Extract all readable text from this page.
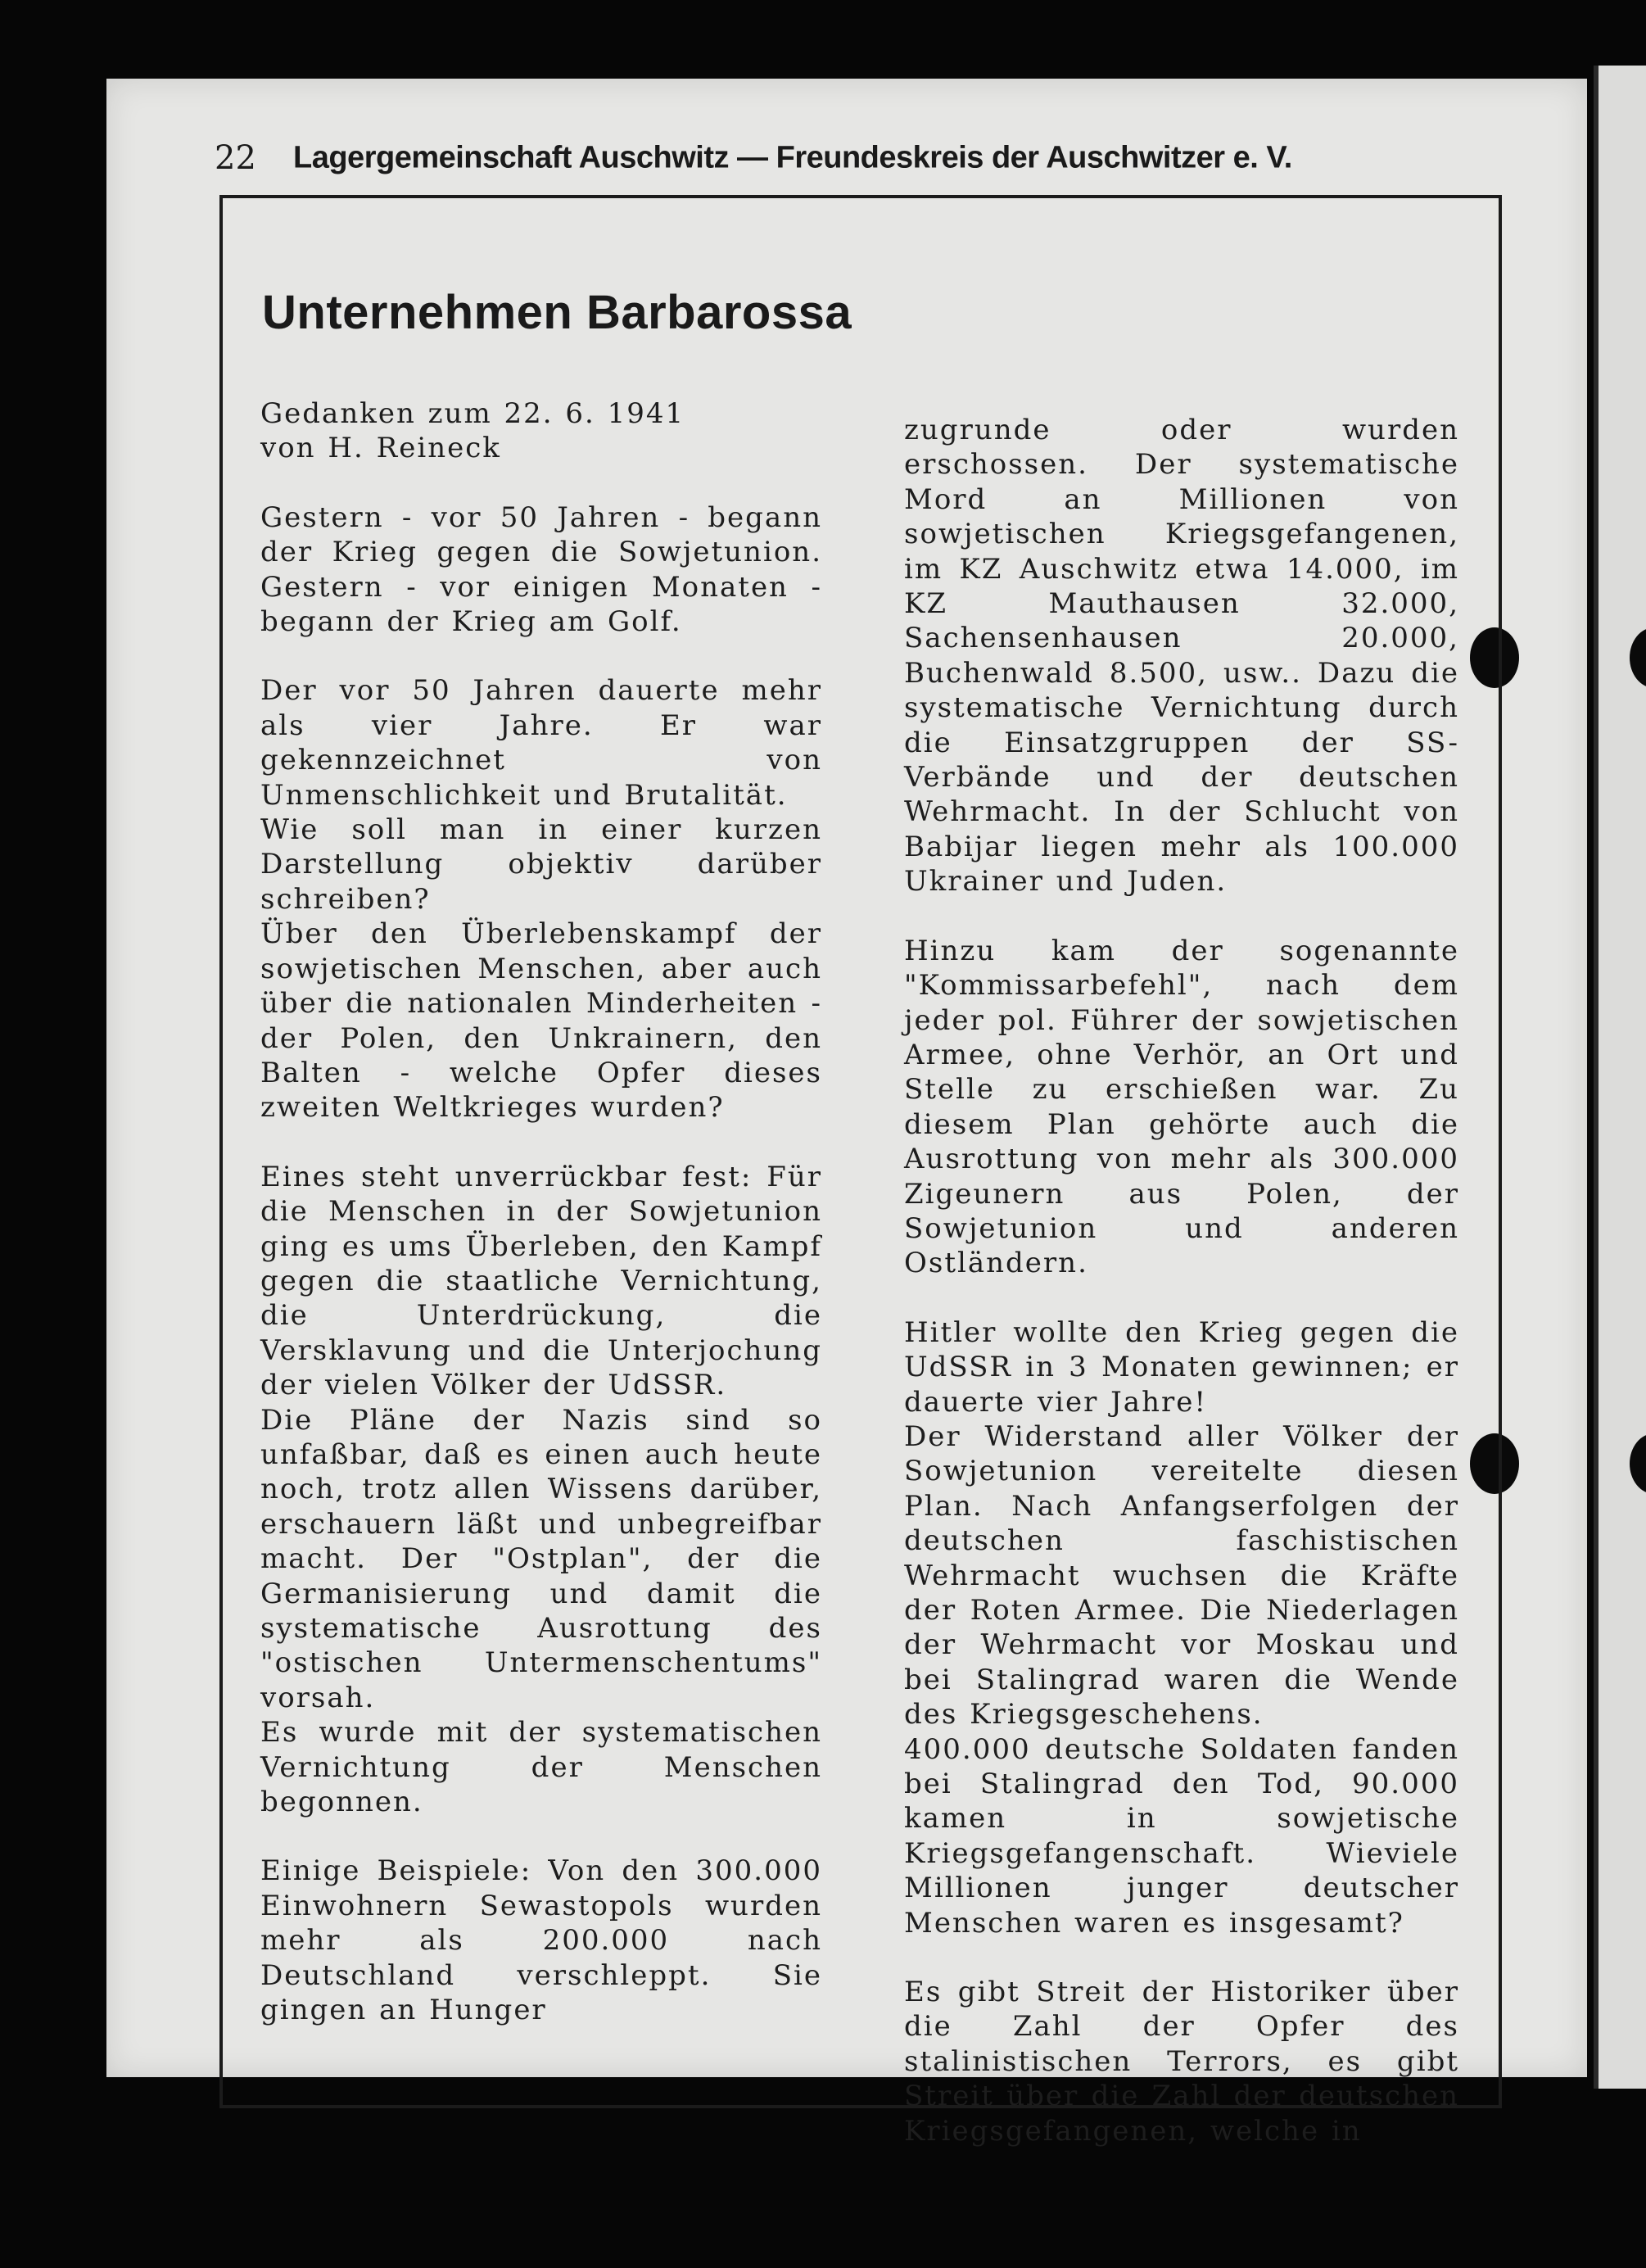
22 Lagergemeinschaft Auschwitz — Freundeskreis der Auschwitzer e. V.
Unternehmen Barbarossa

Gedanken zum 22. 6. 1941

von H. Reineck

Gestern - vor 50 Jahren - begann der Krieg gegen die Sowjetunion. Gestern - vor einigen Monaten - begann der Krieg am Golf.

Der vor 50 Jahren dauerte mehr als vier Jahre. Er war gekennzeichnet von Unmenschlichkeit und Brutalität.

Wie soll man in einer kurzen Darstellung objektiv darüber schreiben?

Über den Überlebenskampf der sowjetischen Menschen, aber auch über die nationalen Minderheiten - der Polen, den Unkrainern, den Balten - welche Opfer dieses zweiten Weltkrieges wurden?

Eines steht unverrückbar fest: Für die Menschen in der Sowjetunion ging es ums Überleben, den Kampf gegen die staatliche Vernichtung, die Unterdrückung, die Versklavung und die Unterjochung der vielen Völker der UdSSR.

Die Pläne der Nazis sind so unfaßbar, daß es einen auch heute noch, trotz allen Wissens darüber, erschauern läßt und unbegreifbar macht. Der "Ostplan", der die Germanisierung und damit die systematische Ausrottung des "ostischen Untermenschentums" vorsah.

Es wurde mit der systematischen Vernichtung der Menschen begonnen.

Einige Beispiele: Von den 300.000 Einwohnern Sewastopols wurden mehr als 200.000 nach Deutschland verschleppt. Sie gingen an Hunger

zugrunde oder wurden erschossen. Der systematische Mord an Millionen von sowjetischen Kriegsgefangenen, im KZ Auschwitz etwa 14.000, im KZ Mauthausen 32.000, Sachensenhausen 20.000, Buchenwald 8.500, usw.. Dazu die systematische Vernichtung durch die Einsatzgruppen der SS-Verbände und der deutschen Wehrmacht. In der Schlucht von Babijar liegen mehr als 100.000 Ukrainer und Juden.

Hinzu kam der sogenannte "Kommissarbefehl", nach dem jeder pol. Führer der sowjetischen Armee, ohne Verhör, an Ort und Stelle zu erschießen war. Zu diesem Plan gehörte auch die Ausrottung von mehr als 300.000 Zigeunern aus Polen, der Sowjetunion und anderen Ostländern.

Hitler wollte den Krieg gegen die UdSSR in 3 Monaten gewinnen; er dauerte vier Jahre!

Der Widerstand aller Völker der Sowjetunion vereitelte diesen Plan. Nach Anfangserfolgen der deutschen faschistischen Wehrmacht wuchsen die Kräfte der Roten Armee. Die Niederlagen der Wehrmacht vor Moskau und bei Stalingrad waren die Wende des Kriegsgeschehens.

400.000 deutsche Soldaten fanden bei Stalingrad den Tod, 90.000 kamen in sowjetische Kriegsgefangenschaft. Wieviele Millionen junger deutscher Menschen waren es insgesamt?

Es gibt Streit der Historiker über die Zahl der Opfer des stalinistischen Terrors, es gibt Streit über die Zahl der deutschen Kriegsgefangenen, welche in
